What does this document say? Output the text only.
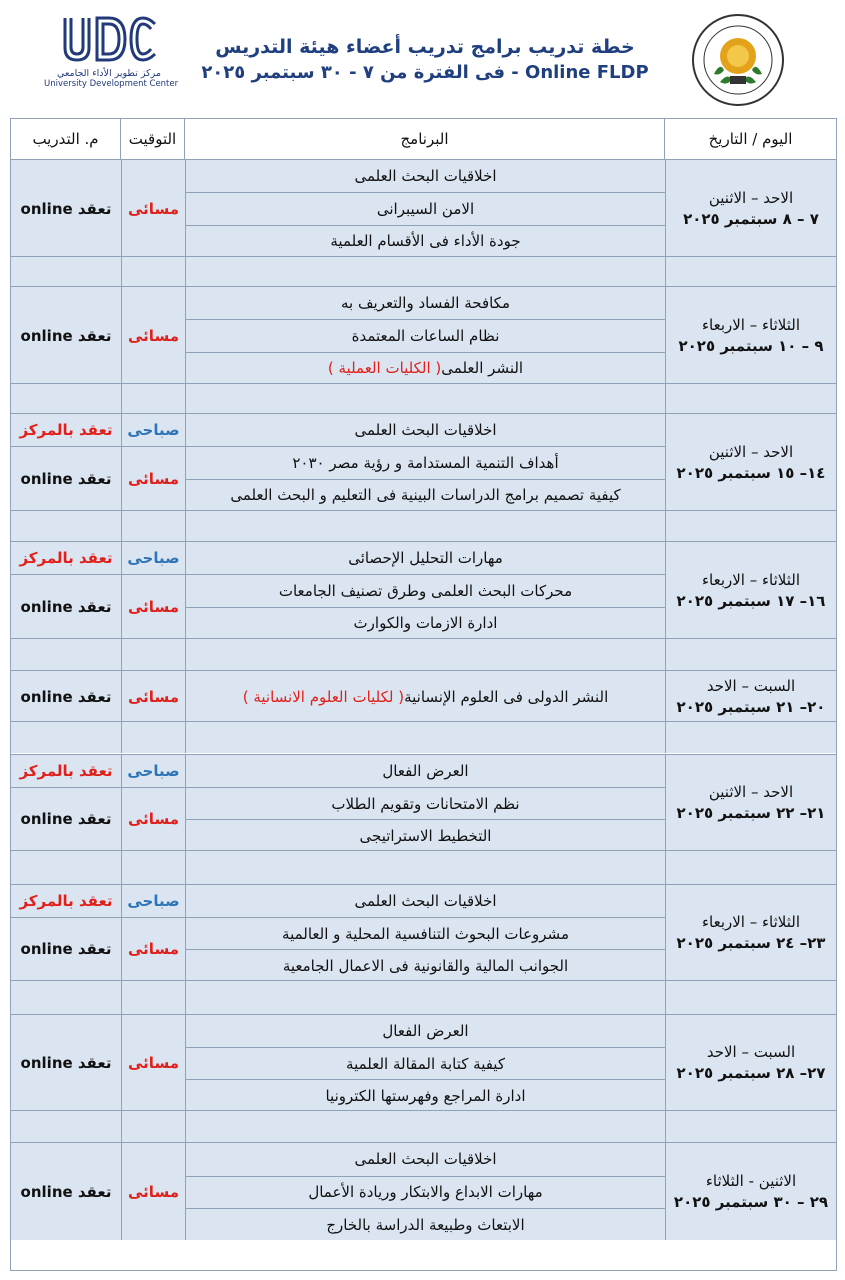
مركز تطوير الأداء الجامعي
University Development Center
خطة تدريب برامج تدريب أعضاء هيئة التدريس
Online FLDP - فى الفترة من ٧ - ٣٠ سبتمبر ٢٠٢٥
اليوم / التاريخ
البرنامج
التوقيت
م. التدريب
الاحد – الاثنين
٧ – ٨ سبتمبر ٢٠٢٥
اخلاقيات البحث العلمى
الامن السيبرانى
جودة الأداء فى الأقسام العلمية
مسائى
تعقد online
الثلاثاء – الاربعاء
٩ – ١٠ سبتمبر ٢٠٢٥
مكافحة الفساد والتعريف به
نظام الساعات المعتمدة
النشر العلمى
( الكليات العملية )
مسائى
تعقد online
الاحد – الاثنين
١٤– ١٥ سبتمبر ٢٠٢٥
اخلاقيات البحث العلمى
أهداف التنمية المستدامة و رؤية مصر ٢٠٣٠
كيفية تصميم برامج الدراسات البينية فى التعليم و البحث العلمى
صباحى
تعقد بالمركز
مسائى
تعقد online
الثلاثاء – الاربعاء
١٦– ١٧ سبتمبر ٢٠٢٥
مهارات التحليل الإحصائى
محركات البحث العلمى وطرق تصنيف الجامعات
ادارة الازمات والكوارث
صباحى
تعقد بالمركز
مسائى
تعقد online
السبت – الاحد
٢٠– ٢١ سبتمبر ٢٠٢٥
النشر الدولى فى العلوم الإنسانية
( لكليات العلوم الانسانية )
مسائى
تعقد online
الاحد – الاثنين
٢١– ٢٢ سبتمبر ٢٠٢٥
العرض الفعال
نظم الامتحانات وتقويم الطلاب
التخطيط الاستراتيجى
صباحى
تعقد بالمركز
مسائى
تعقد online
الثلاثاء – الاربعاء
٢٣– ٢٤ سبتمبر ٢٠٢٥
اخلاقيات البحث العلمى
مشروعات البحوث التنافسية المحلية و العالمية
الجوانب المالية والقانونية فى الاعمال الجامعية
صباحى
تعقد بالمركز
مسائى
تعقد online
السبت – الاحد
٢٧– ٢٨ سبتمبر ٢٠٢٥
العرض الفعال
كيفية كتابة المقالة العلمية
ادارة المراجع وفهرستها الكترونيا
مسائى
تعقد online
الاثنين - الثلاثاء
٢٩ – ٣٠ سبتمبر ٢٠٢٥
اخلاقيات البحث العلمى
مهارات الابداع والابتكار وريادة الأعمال
الابتعاث وطبيعة الدراسة بالخارج
مسائى
تعقد online
